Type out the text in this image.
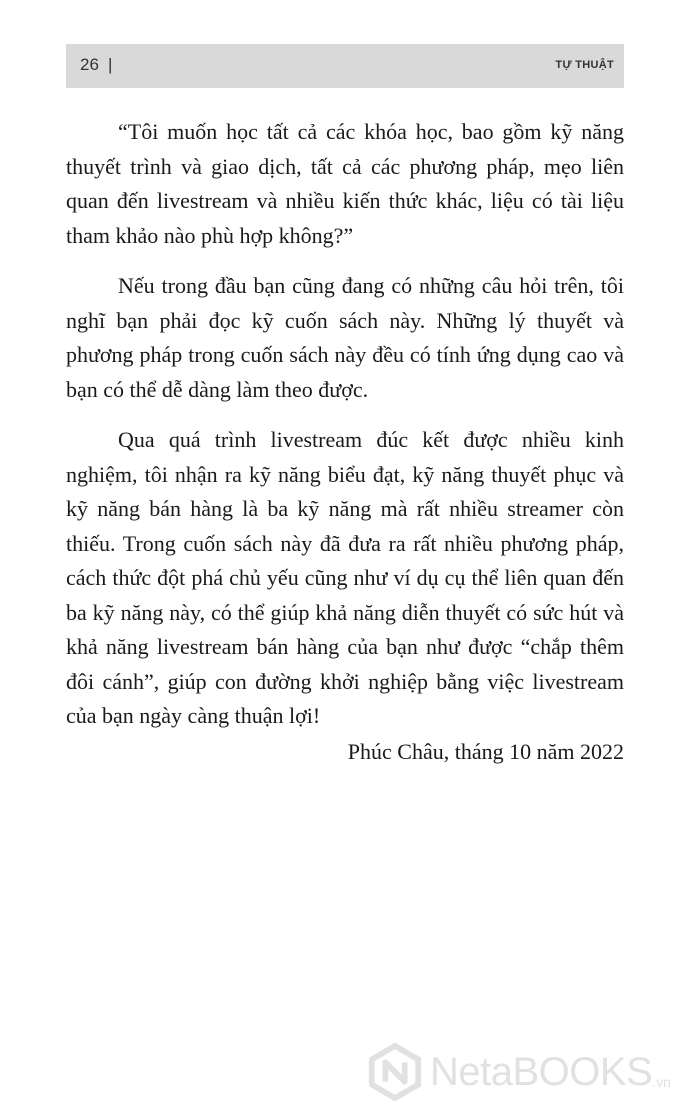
26 |	TỰ THUẬT

“Tôi muốn học tất cả các khóa học, bao gồm kỹ năng thuyết trình và giao dịch, tất cả các phương pháp, mẹo liên quan đến livestream và nhiều kiến thức khác, liệu có tài liệu tham khảo nào phù hợp không?”

Nếu trong đầu bạn cũng đang có những câu hỏi trên, tôi nghĩ bạn phải đọc kỹ cuốn sách này. Những lý thuyết và phương pháp trong cuốn sách này đều có tính ứng dụng cao và bạn có thể dễ dàng làm theo được.

Qua quá trình livestream đúc kết được nhiều kinh nghiệm, tôi nhận ra kỹ năng biểu đạt, kỹ năng thuyết phục và kỹ năng bán hàng là ba kỹ năng mà rất nhiều streamer còn thiếu. Trong cuốn sách này đã đưa ra rất nhiều phương pháp, cách thức đột phá chủ yếu cũng như ví dụ cụ thể liên quan đến ba kỹ năng này, có thể giúp khả năng diễn thuyết có sức hút và khả năng livestream bán hàng của bạn như được “chắp thêm đôi cánh”, giúp con đường khởi nghiệp bằng việc livestream của bạn ngày càng thuận lợi!

Phúc Châu, tháng 10 năm 2022
NetaBOOKS .vn
